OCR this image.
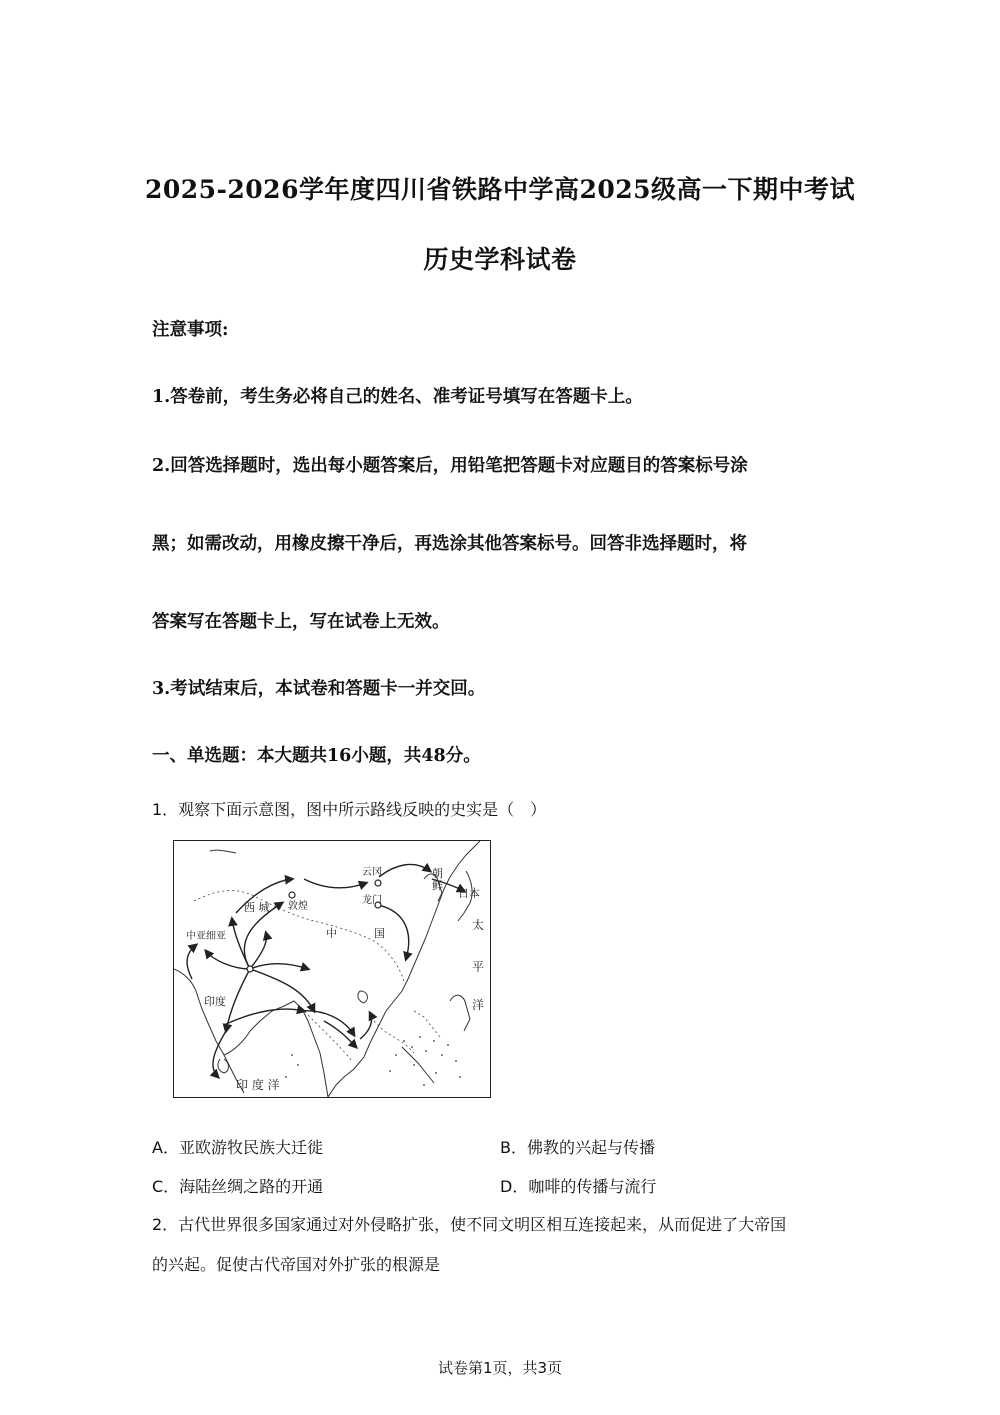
2025-2026学年度四川省铁路中学高2025级高一下期中考试
历史学科试卷
注意事项:
1.答卷前，考生务必将自己的姓名、准考证号填写在答题卡上。
2.回答选择题时，选出每小题答案后，用铅笔把答题卡对应题目的答案标号涂
黑；如需改动，用橡皮擦干净后，再选涂其他答案标号。回答非选择题时，将
答案写在答题卡上，写在试卷上无效。
3.考试结束后，本试卷和答题卡一并交回。
一、单选题：本大题共16小题，共48分。
1．观察下面示意图，图中所示路线反映的史实是（　）
西 城 敦煌
云冈
龙门
中	国
朝
鲜
日本
太
平
洋
中亚细亚
印度
印 度 洋
A．亚欧游牧民族大迁徙	B．佛教的兴起与传播
C．海陆丝绸之路的开通	D．咖啡的传播与流行
2．古代世界很多国家通过对外侵略扩张，使不同文明区相互连接起来，从而促进了大帝国
的兴起。促使古代帝国对外扩张的根源是
试卷第1页，共3页
